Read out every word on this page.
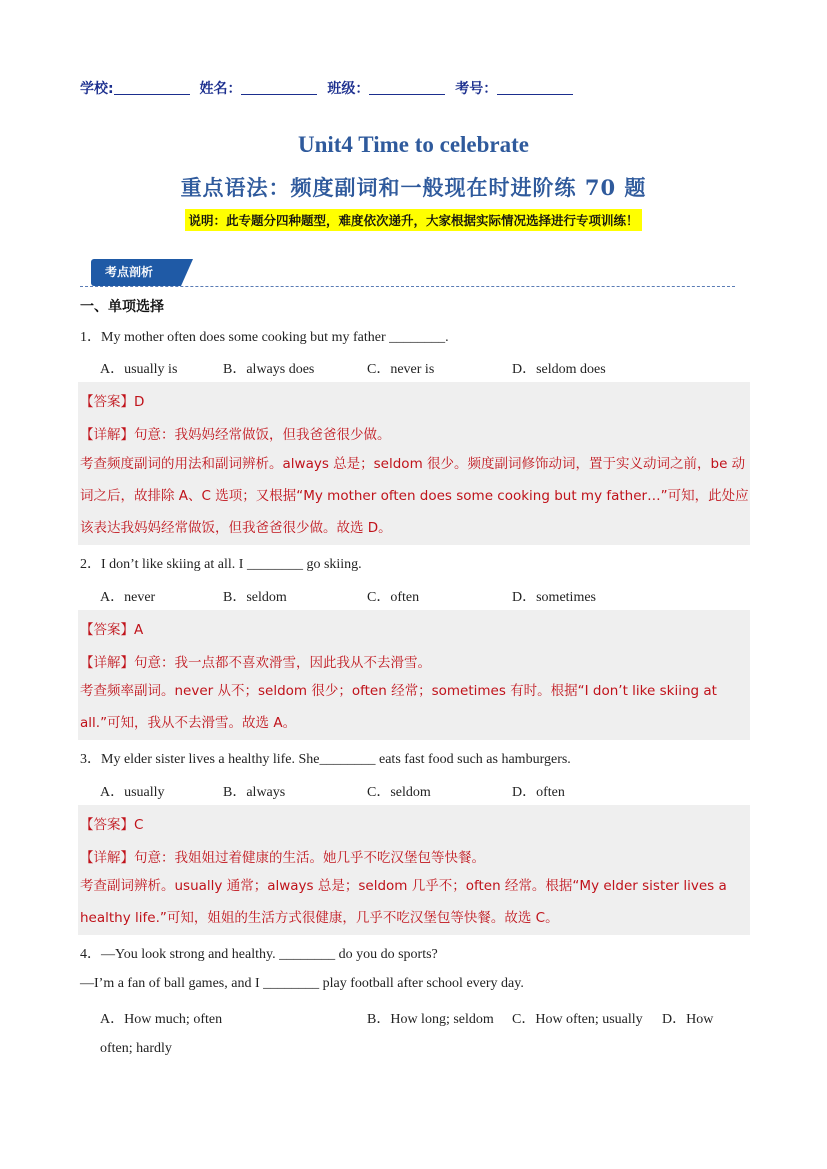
学校:	姓名：	班级：	考号：
Unit4 Time to celebrate
重点语法：频度副词和一般现在时进阶练 70 题
说明：此专题分四种题型，难度依次递升，大家根据实际情况选择进行专项训练！
考点剖析
一、单项选择
1．My mother often does some cooking but my father ________.
A．usually is	B．always does	C．never is	D．seldom does
【答案】D
【详解】句意：我妈妈经常做饭，但我爸爸很少做。
考查频度副词的用法和副词辨析。always 总是；seldom 很少。频度副词修饰动词，置于实义动词之前，be 动词之后，故排除 A、C 选项；又根据“My mother often does some cooking but my father…”可知，此处应该表达我妈妈经常做饭，但我爸爸很少做。故选 D。
2．I don’t like skiing at all. I ________ go skiing.
A．never	B．seldom	C．often	D．sometimes
【答案】A
【详解】句意：我一点都不喜欢滑雪，因此我从不去滑雪。
考查频率副词。never 从不；seldom 很少；often 经常；sometimes 有时。根据“I don’t like skiing at all.”可知，我从不去滑雪。故选 A。
3．My elder sister lives a healthy life. She________ eats fast food such as hamburgers.
A．usually	B．always	C．seldom	D．often
【答案】C
【详解】句意：我姐姐过着健康的生活。她几乎不吃汉堡包等快餐。
考查副词辨析。usually 通常；always 总是；seldom 几乎不；often 经常。根据“My elder sister lives a healthy life.”可知，姐姐的生活方式很健康，几乎不吃汉堡包等快餐。故选 C。
4．—You look strong and healthy. ________ do you do sports?
—I’m a fan of ball games, and I ________ play football after school every day.
A．How much; often	B．How long; seldom C．How often; usually D．How
often; hardly
